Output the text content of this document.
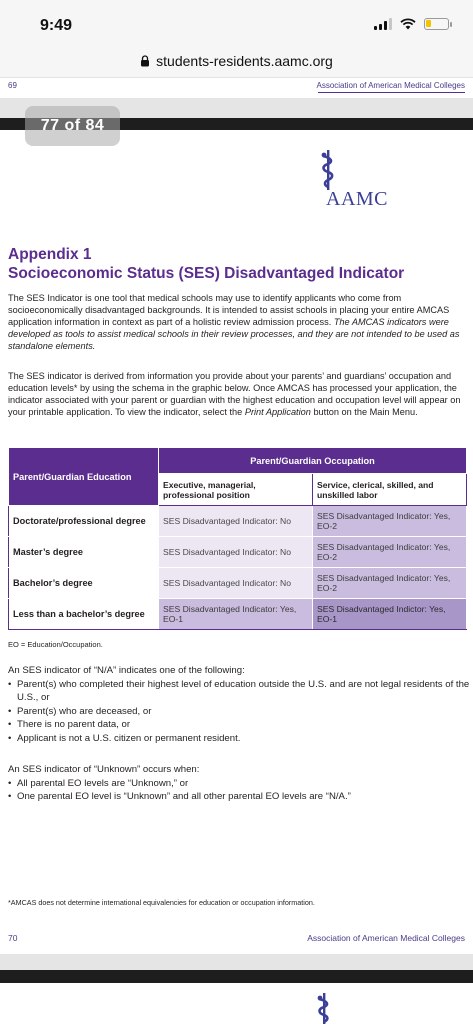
9:49
students-residents.aamc.org
69	Association of American Medical Colleges
77 of 84
AAMC
Appendix 1
Socioeconomic Status (SES) Disadvantaged Indicator
The SES Indicator is one tool that medical schools may use to identify applicants who come from socioeconomically disadvantaged backgrounds. It is intended to assist schools in placing your entire AMCAS application information in context as part of a holistic review admission process. The AMCAS indicators were developed as tools to assist medical schools in their review processes, and they are not intended to be used as standalone elements.
The SES indicator is derived from information you provide about your parents’ and guardians’ occupation and education levels* by using the schema in the graphic below. Once AMCAS has processed your application, the indicator associated with your parent or guardian with the highest education and occupation level will appear on your printable application. To view the indicator, select the Print Application button on the Main Menu.
Parent/Guardian Education	Parent/Guardian Occupation	
	Executive, managerial, professional position	Service, clerical, skilled, and unskilled labor
Doctorate/professional degree	SES Disadvantaged Indicator: No	SES Disadvantaged Indicator: Yes, EO-2
Master’s degree	SES Disadvantaged Indicator: No	SES Disadvantaged Indicator: Yes, EO-2
Bachelor’s degree	SES Disadvantaged Indicator: No	SES Disadvantaged Indicator: Yes, EO-2
Less than a bachelor’s degree	SES Disadvantaged Indicator: Yes, EO-1	SES Disadvantaged Indictor: Yes, EO-1
EO = Education/Occupation.
An SES indicator of “N/A” indicates one of the following:
• Parent(s) who completed their highest level of education outside the U.S. and are not legal residents of the U.S., or
• Parent(s) who are deceased, or
• There is no parent data, or
• Applicant is not a U.S. citizen or permanent resident.
An SES indicator of “Unknown” occurs when:
• All parental EO levels are “Unknown,” or
• One parental EO level is “Unknown” and all other parental EO levels are “N/A.”
*AMCAS does not determine international equivalencies for education or occupation information.
70	Association of American Medical Colleges
